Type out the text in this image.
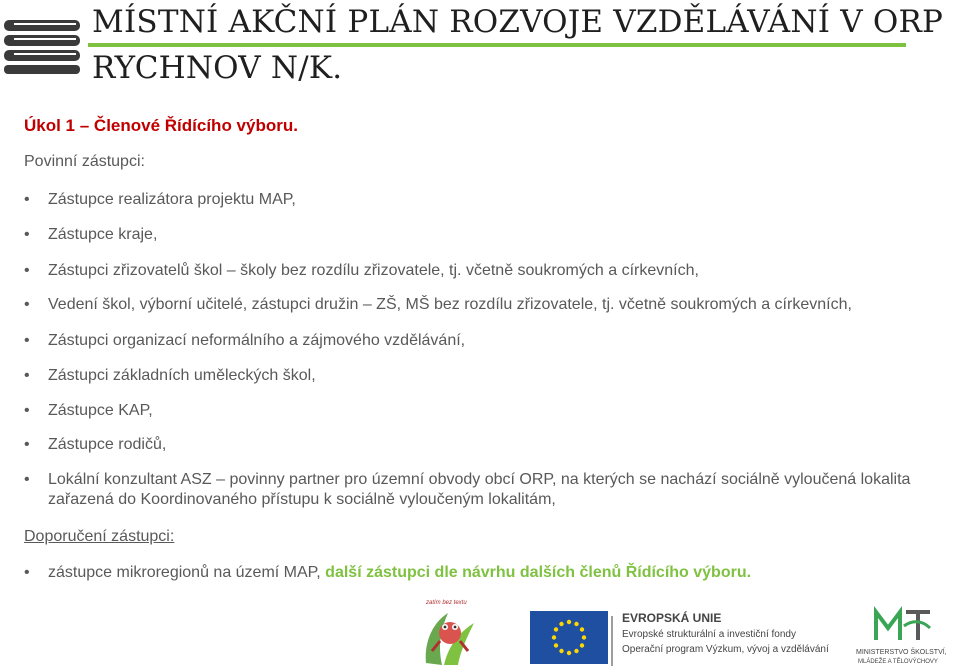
MÍSTNÍ AKČNÍ PLÁN ROZVOJE VZDĚLÁVÁNÍ V ORP
RYCHNOV N/K.
Úkol 1 – Členové Řídícího výboru.
Povinní zástupci:
•	Zástupce realizátora projektu MAP,
•	Zástupce kraje,
•	Zástupci zřizovatelů škol – školy bez rozdílu zřizovatele, tj. včetně soukromých a církevních,
•	Vedení škol, výborní učitelé, zástupci družin – ZŠ, MŠ bez rozdílu zřizovatele, tj. včetně soukromých a církevních,
•	Zástupci organizací neformálního a zájmového vzdělávání,
•	Zástupci základních uměleckých škol,
•	Zástupce KAP,
•	Zástupce rodičů,
•	Lokální konzultant ASZ – povinny partner pro územní obvody obcí ORP, na kterých se nachází sociálně vyloučená lokalita zařazená do Koordinovaného přístupu k sociálně vyloučeným lokalitám,
Doporučení zástupci:
•	zástupce mikroregionů na území MAP, další zástupci dle návrhu dalších členů Řídícího výboru.
zatím bez textu
EVROPSKÁ UNIE
Evropské strukturální a investiční fondy
Operační program Výzkum, vývoj a vzdělávání	MINISTERSTVO ŠKOLSTVÍ,
MLÁDEŽE A TĚLOVÝCHOVY
